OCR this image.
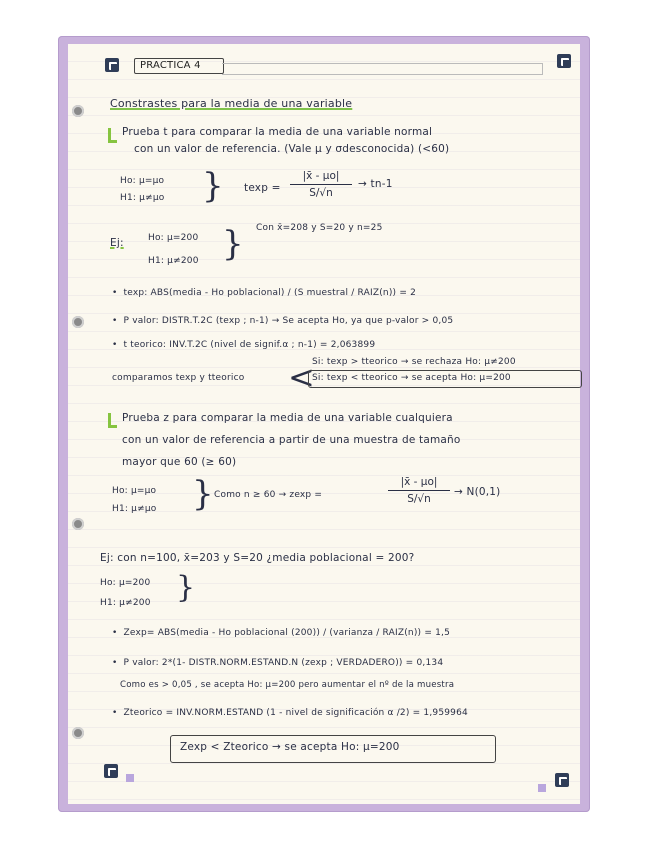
PRACTICA 4
Constrastes para la media de una variable
Prueba t para comparar la media de una variable normal
con un valor de referencia. (Vale μ y σdesconocida) (<60)
Ho: μ=μo
H1: μ≠μo } texp =
|x̄ - μo|
S/√n
→ tn-1
Ej:	Ho: μ=200
H1: μ≠200 } Con x̄=208 y S=20 y n=25
• texp: ABS(media - Ho poblacional) / (S muestral / RAIZ(n)) = 2
• P valor: DISTR.T.2C (texp ; n-1) → Se acepta Ho, ya que p-valor > 0,05
• t teorico: INV.T.2C (nivel de signif.α ; n-1) = 2,063899
comparamos texp y tteorico <
Si: texp > tteorico → se rechaza Ho: μ≠200
Si: texp < tteorico → se acepta Ho: μ=200
Prueba z para comparar la media de una variable cualquiera
con un valor de referencia a partir de una muestra de tamaño
mayor que 60 (≥ 60)
Ho: μ=μo
H1: μ≠μo } Como n ≥ 60 → zexp =
|x̄ - μo|
S/√n
→ N(0,1)
Ej: con n=100, x̄=203 y S=20 ¿media poblacional = 200?
Ho: μ=200
H1: μ≠200 }
• Zexp= ABS(media - Ho poblacional (200)) / (varianza / RAIZ(n)) = 1,5
• P valor: 2*(1- DISTR.NORM.ESTAND.N (zexp ; VERDADERO)) = 0,134
Como es > 0,05 , se acepta Ho: μ=200 pero aumentar el nº de la muestra
• Zteorico = INV.NORM.ESTAND (1 - nivel de significación α /2) = 1,959964
Zexp < Zteorico → se acepta Ho: μ=200
